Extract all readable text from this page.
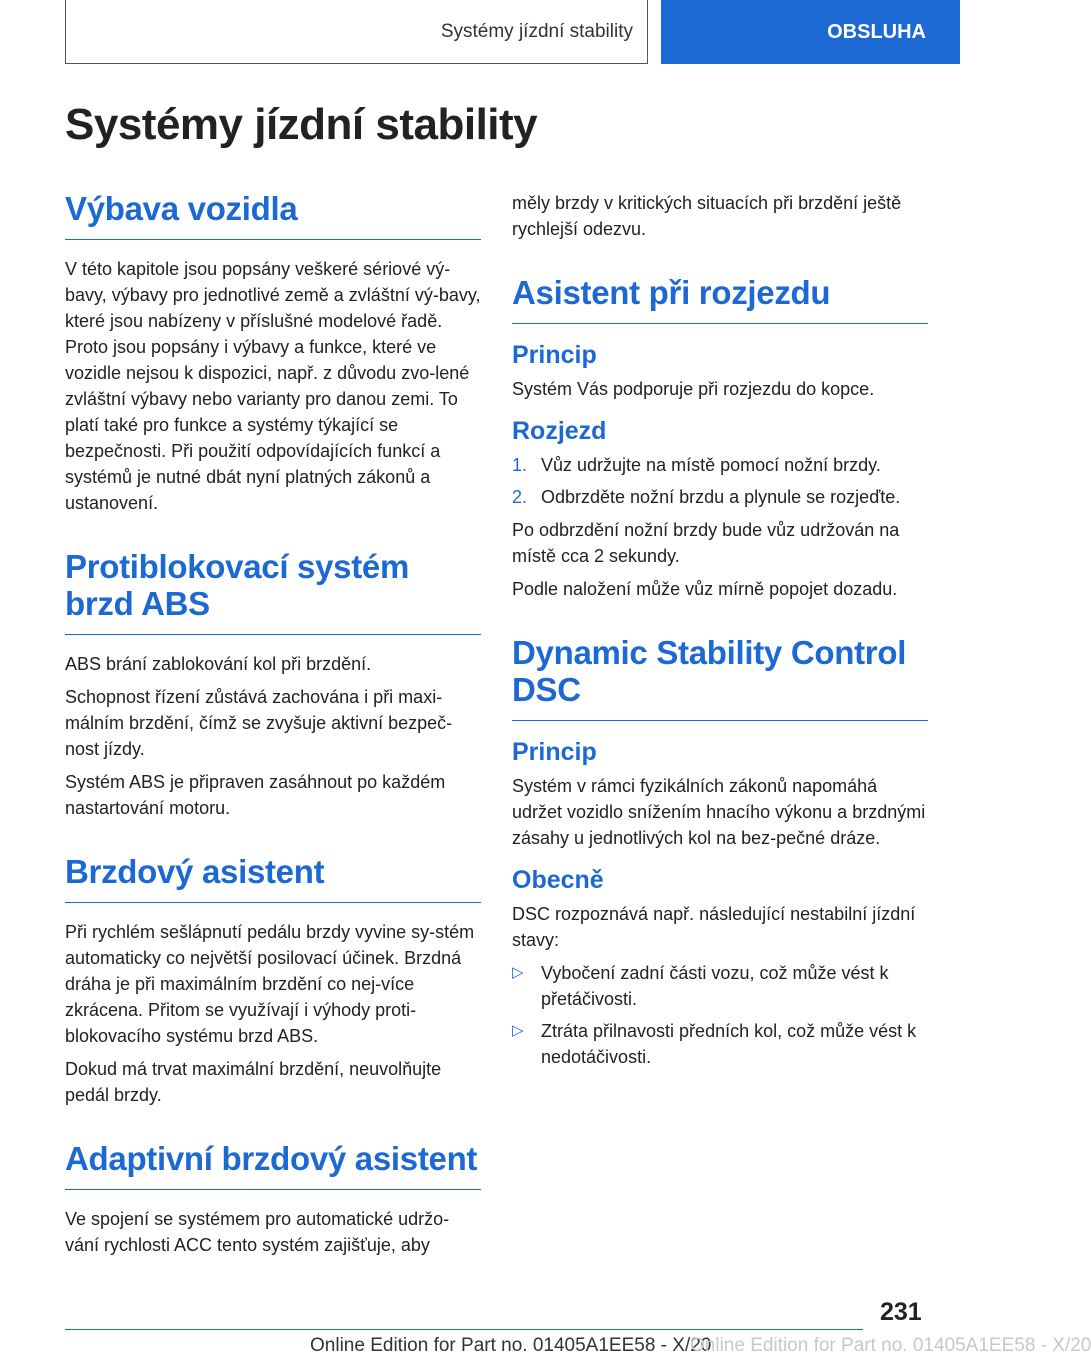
Systémy jízdní stability	OBSLUHA
Systémy jízdní stability
Výbava vozidla

V této kapitole jsou popsány veškeré sériové vý-bavy, výbavy pro jednotlivé země a zvláštní vý-bavy, které jsou nabízeny v příslušné modelové řadě. Proto jsou popsány i výbavy a funkce, které ve vozidle nejsou k dispozici, např. z důvodu zvo-lené zvláštní výbavy nebo varianty pro danou zemi. To platí také pro funkce a systémy týkající se bezpečnosti. Při použití odpovídajících funkcí a systémů je nutné dbát nyní platných zákonů a ustanovení.

Protiblokovací systém brzd ABS

ABS brání zablokování kol při brzdění.

Schopnost řízení zůstává zachována i při maxi-málním brzdění, čímž se zvyšuje aktivní bezpeč-nost jízdy.

Systém ABS je připraven zasáhnout po každém nastartování motoru.

Brzdový asistent

Při rychlém sešlápnutí pedálu brzdy vyvine sy-stém automaticky co největší posilovací účinek. Brzdná dráha je při maximálním brzdění co nej-více zkrácena. Přitom se využívají i výhody proti-blokovacího systému brzd ABS.

Dokud má trvat maximální brzdění, neuvolňujte pedál brzdy.

Adaptivní brzdový asistent

Ve spojení se systémem pro automatické udržo-vání rychlosti ACC tento systém zajišťuje, aby

měly brzdy v kritických situacích při brzdění ještě rychlejší odezvu.

Asistent při rozjezdu
Princip

Systém Vás podporuje při rozjezdu do kopce.

Rozjezd
1. Vůz udržujte na místě pomocí nožní brzdy.
2. Odbrzděte nožní brzdu a plynule se rozjeďte.

Po odbrzdění nožní brzdy bude vůz udržován na místě cca 2 sekundy.

Podle naložení může vůz mírně popojet dozadu.

Dynamic Stability Control DSC
Princip

Systém v rámci fyzikálních zákonů napomáhá udržet vozidlo snížením hnacího výkonu a brzdnými zásahy u jednotlivých kol na bez-pečné dráze.

Obecně

DSC rozpoznává např. následující nestabilní jízdní stavy:

▷ Vybočení zadní části vozu, což může vést k přetáčivosti.
▷ Ztráta přilnavosti předních kol, což může vést k nedotáčivosti.
231
Online Edition for Part no. 01405A1EE58 - X/20
Online Edition for Part no. 01405A1EE58 - X/20
